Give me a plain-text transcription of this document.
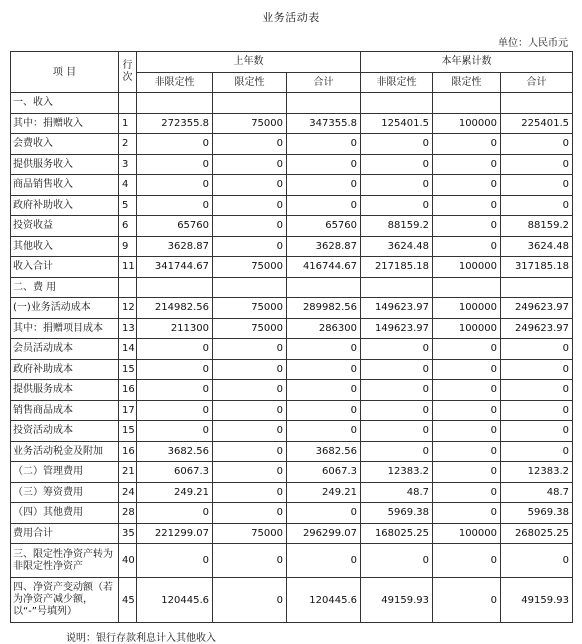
业务活动表
单位：人民币元
项 目	行次	上年数			本年累计数		
		非限定性	限定性	合计	非限定性	限定性	合计
一、收入							
其中：捐赠收入	1	272355.8	75000	347355.8	125401.5	100000	225401.5
会费收入	2	0	0	0	0	0	0
提供服务收入	3	0	0	0	0	0	0
商品销售收入	4	0	0	0	0	0	0
政府补助收入	5	0	0	0	0	0	0
投资收益	6	65760	0	65760	88159.2	0	88159.2
其他收入	9	3628.87	0	3628.87	3624.48	0	3624.48
收入合计	11	341744.67	75000	416744.67	217185.18	100000	317185.18
二、费 用							
(一)业务活动成本	12	214982.56	75000	289982.56	149623.97	100000	249623.97
其中：捐赠项目成本	13	211300	75000	286300	149623.97	100000	249623.97
会员活动成本	14	0	0	0	0	0	0
政府补助成本	15	0	0	0	0	0	0
提供服务成本	16	0	0	0	0	0	0
销售商品成本	17	0	0	0	0	0	0
投资活动成本	15	0	0	0	0	0	0
业务活动税金及附加	16	3682.56	0	3682.56	0	0	0
（二）管理费用	21	6067.3	0	6067.3	12383.2	0	12383.2
（三）筹资费用	24	249.21	0	249.21	48.7	0	48.7
（四）其他费用	28	0	0	0	5969.38	0	5969.38
费用合计	35	221299.07	75000	296299.07	168025.25	100000	268025.25
三、限定性净资产转为非限定性净资产	40	0	0	0	0	0	0
四、净资产变动额（若为净资产减少额，以“-”号填列）	45	120445.6	0	120445.6	49159.93	0	49159.93
说明：银行存款利息计入其他收入
